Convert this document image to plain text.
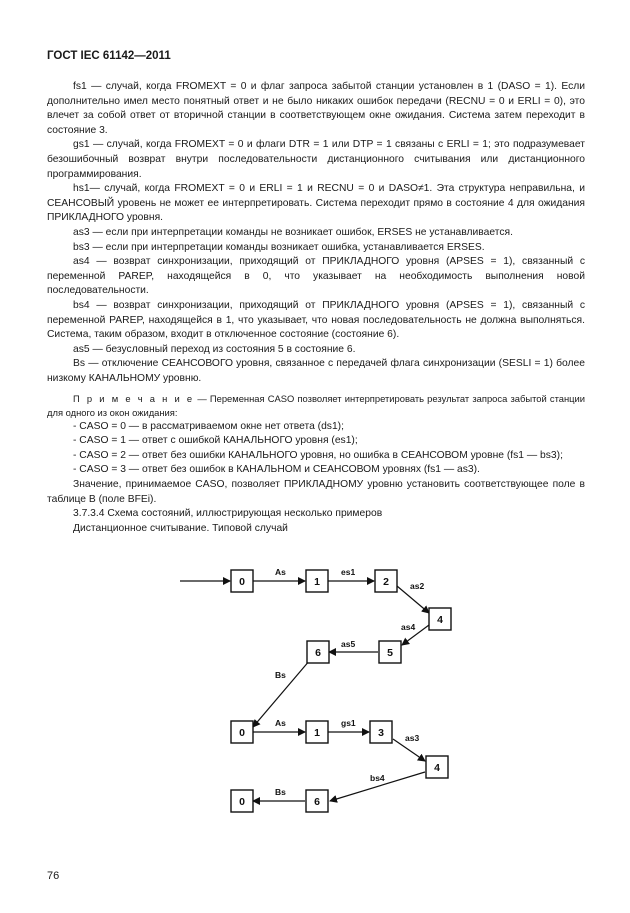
ГОСТ IEC 61142—2011

fs1 — случай, когда FROMEXT = 0 и флаг запроса забытой станции установлен в 1 (DASO = 1). Если дополнительно имел место понятный ответ и не было никаких ошибок передачи (RECNU = 0 и ERLI = 0), это влечет за собой ответ от вторичной станции в соответствующем окне ожидания. Система затем переходит в состояние 3.

gs1 — случай, когда FROMEXT = 0 и флаги DTR = 1 или DTP = 1 связаны с ERLI = 1; это подразумевает безошибочный возврат внутри последовательности дистанционного считывания или дистанционного программирования.

hs1— случай, когда FROMEXT = 0 и ERLI = 1 и RECNU = 0 и DASO≠1. Эта структура неправильна, и СЕАНСОВЫЙ уровень не может ее интерпретировать. Система переходит прямо в состояние 4 для ожидания ПРИКЛАДНОГО уровня.

as3 — если при интерпретации команды не возникает ошибок, ERSES не устанавливается.

bs3 — если при интерпретации команды возникает ошибка, устанавливается ERSES.

as4 — возврат синхронизации, приходящий от ПРИКЛАДНОГО уровня (APSES = 1), связанный с переменной PAREP, находящейся в 0, что указывает на необходимость выполнения новой последовательности.

bs4 — возврат синхронизации, приходящий от ПРИКЛАДНОГО уровня (APSES = 1), связанный с переменной PAREP, находящейся в 1, что указывает, что новая последовательность не должна выполняться. Система, таким образом, входит в отключенное состояние (состояние 6).

as5 — безусловный переход из состояния 5 в состояние 6.

Bs — отключение СЕАНСОВОГО уровня, связанное с передачей флага синхронизации (SESLI = 1) более низкому КАНАЛЬНОМУ уровню.

П р и м е ч а н и е — Переменная CASO позволяет интерпретировать результат запроса забытой станции для одного из окон ожидания:

- CASO = 0 — в рассматриваемом окне нет ответа (ds1);

- CASO = 1 — ответ с ошибкой КАНАЛЬНОГО уровня (es1);

- CASO = 2 — ответ без ошибки КАНАЛЬНОГО уровня, но ошибка в СЕАНСОВОМ уровне (fs1 — bs3);

- CASO = 3 — ответ без ошибок в КАНАЛЬНОМ и СЕАНСОВОМ уровнях (fs1 — as3).

Значение, принимаемое CASO, позволяет ПРИКЛАДНОМУ уровню установить соответствующее поле в таблице В (поле BFEi).

3.7.3.4 Схема состояний, иллюстрирующая несколько примеров

Дистанционное считывание. Типовой случай

0	1	2
4
5
6
0	1	3
4
0	6
As	es1
as2
as4
as5
Bs
As	gs1
as3
bs4
Bs
76
